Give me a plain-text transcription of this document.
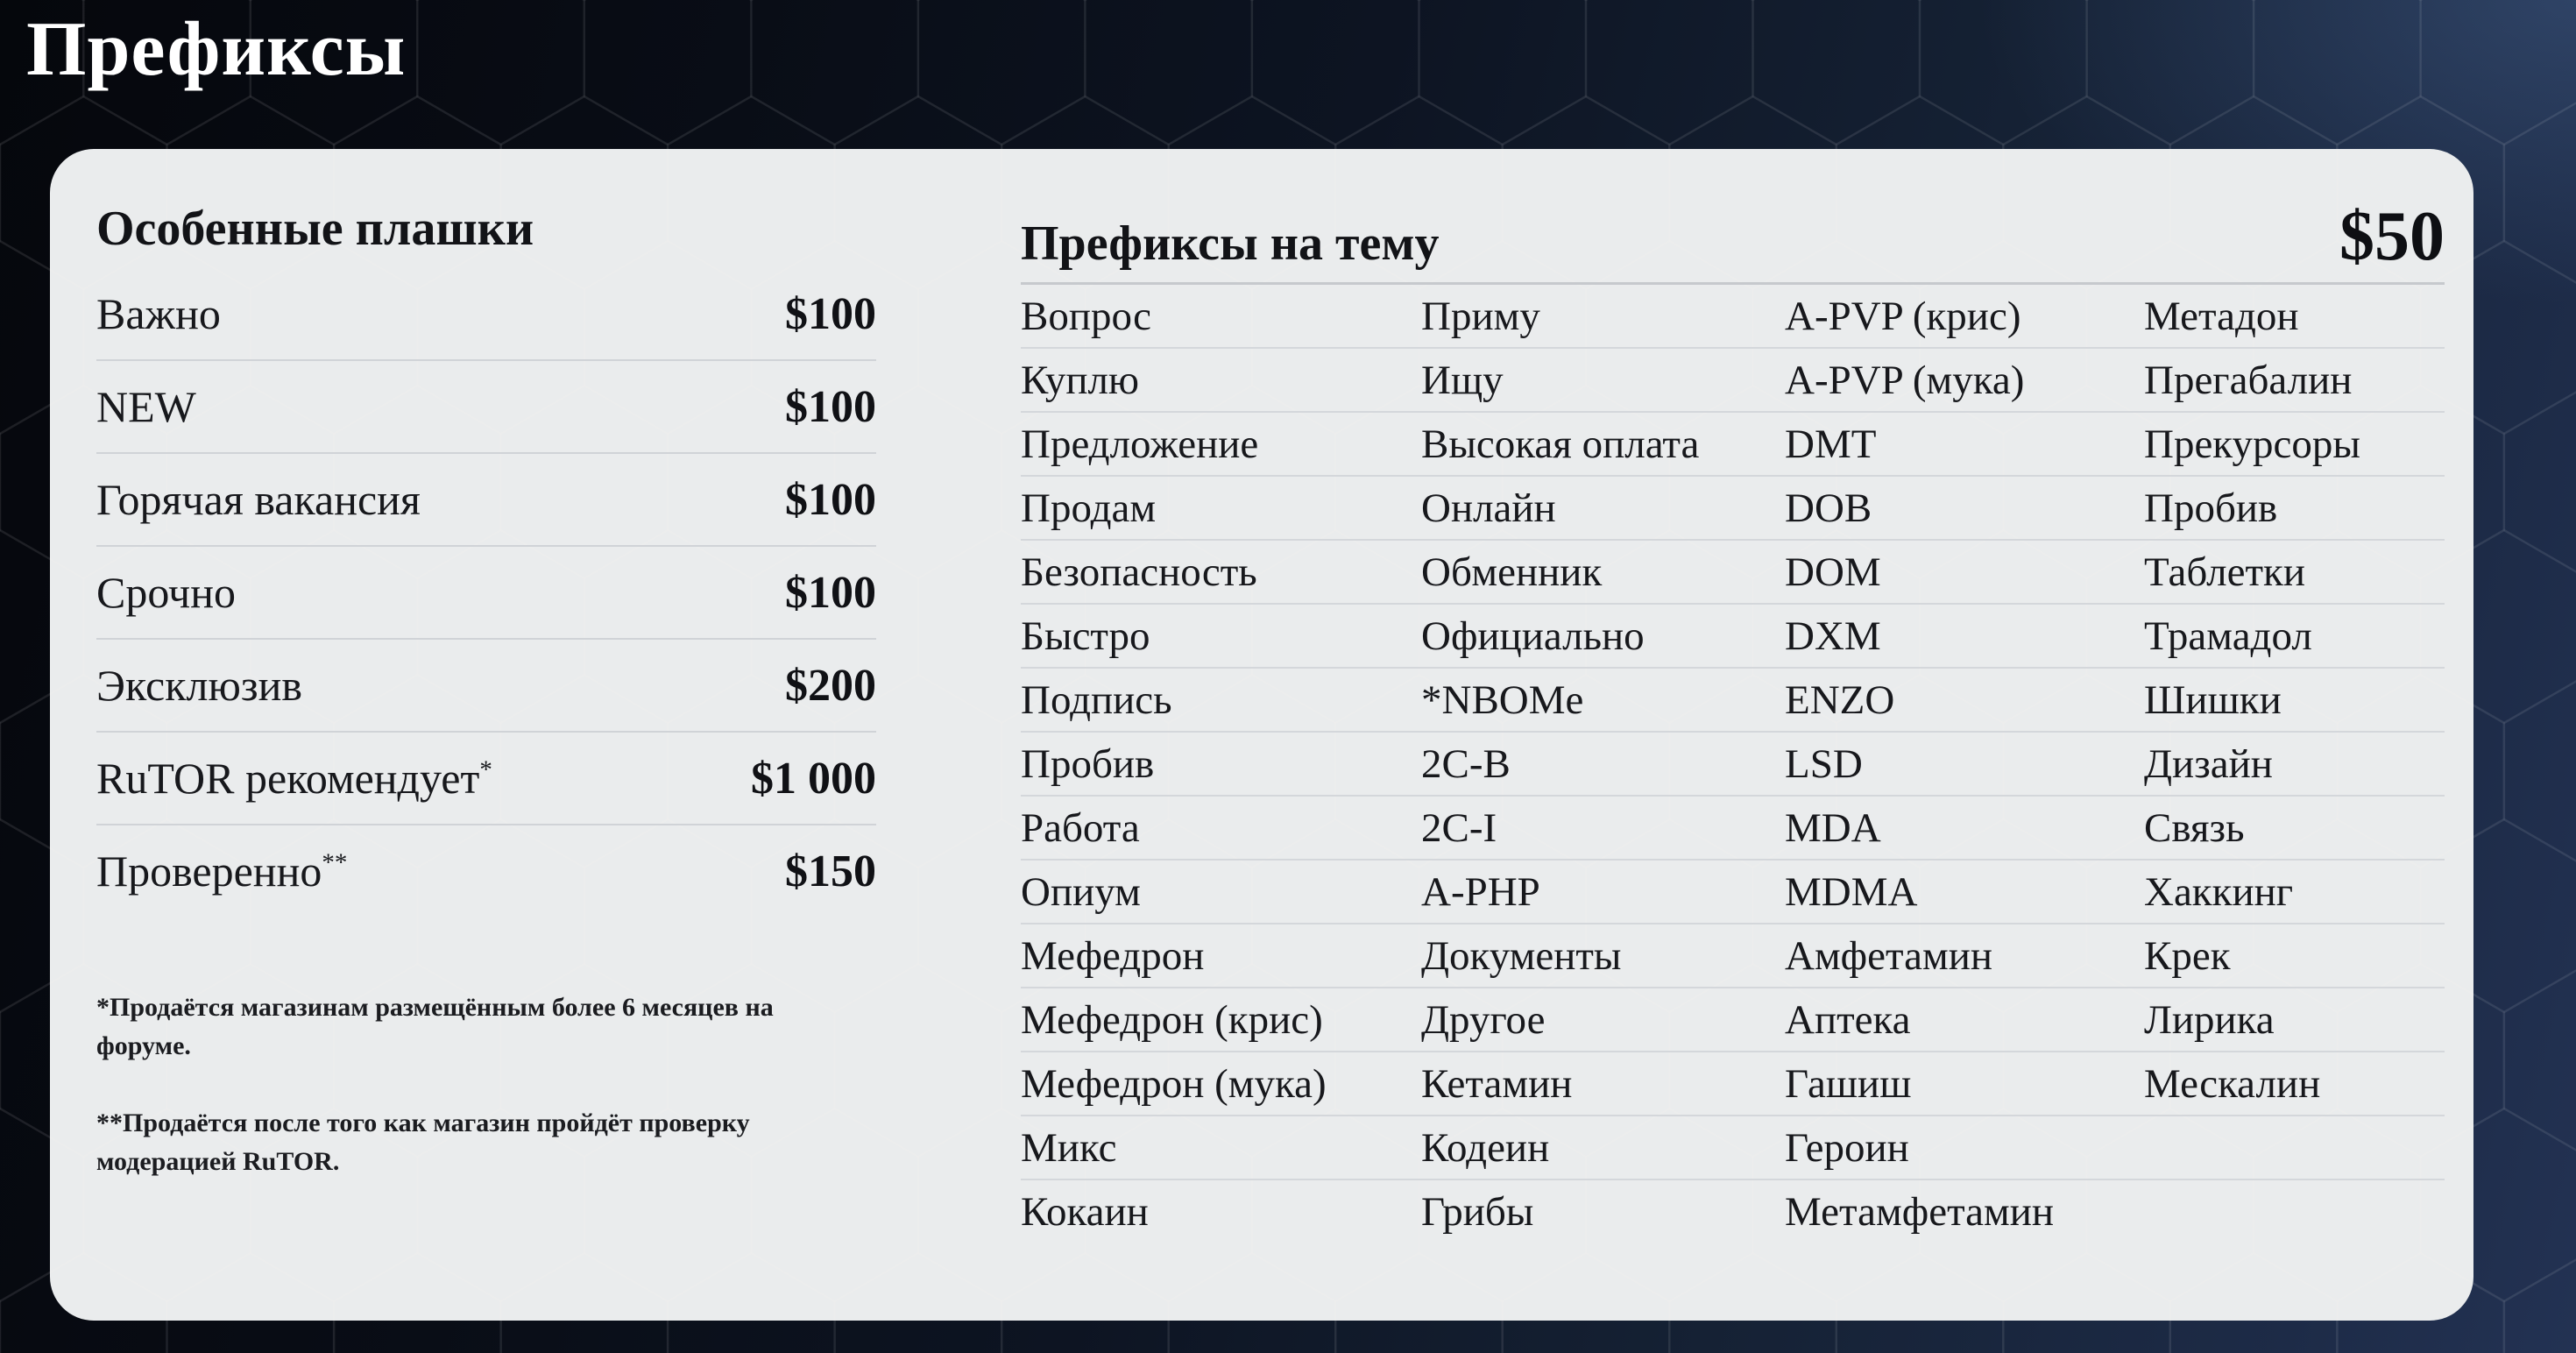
Префиксы
Особенные плашки
Важно	$100
NEW	$100
Горячая вакансия	$100
Срочно	$100
Эксклюзив	$200
RuTOR рекомендует*	$1 000
Проверенно**	$150
*Продаётся магазинам размещённым более 6 месяцев на форуме.
**Продаётся после того как магазин пройдёт проверку модерацией RuTOR.
Префиксы на тему	$50
Вопрос	Приму	A-PVP (крис)	Метадон
Куплю	Ищу	A-PVP (мука)	Прегабалин
Предложение	Высокая оплата	DMT	Прекурсоры
Продам	Онлайн	DOB	Пробив
Безопасность	Обменник	DOM	Таблетки
Быстро	Официально	DXM	Трамадол
Подпись	*NBOMe	ENZO	Шишки
Пробив	2C-B	LSD	Дизайн
Работа	2C-I	MDA	Связь
Опиум	A-PHP	MDMA	Хаккинг
Мефедрон	Документы	Амфетамин	Крек
Мефедрон (крис)	Другое	Аптека	Лирика
Мефедрон (мука)	Кетамин	Гашиш	Мескалин
Микс	Кодеин	Героин
Кокаин	Грибы	Метамфетамин
